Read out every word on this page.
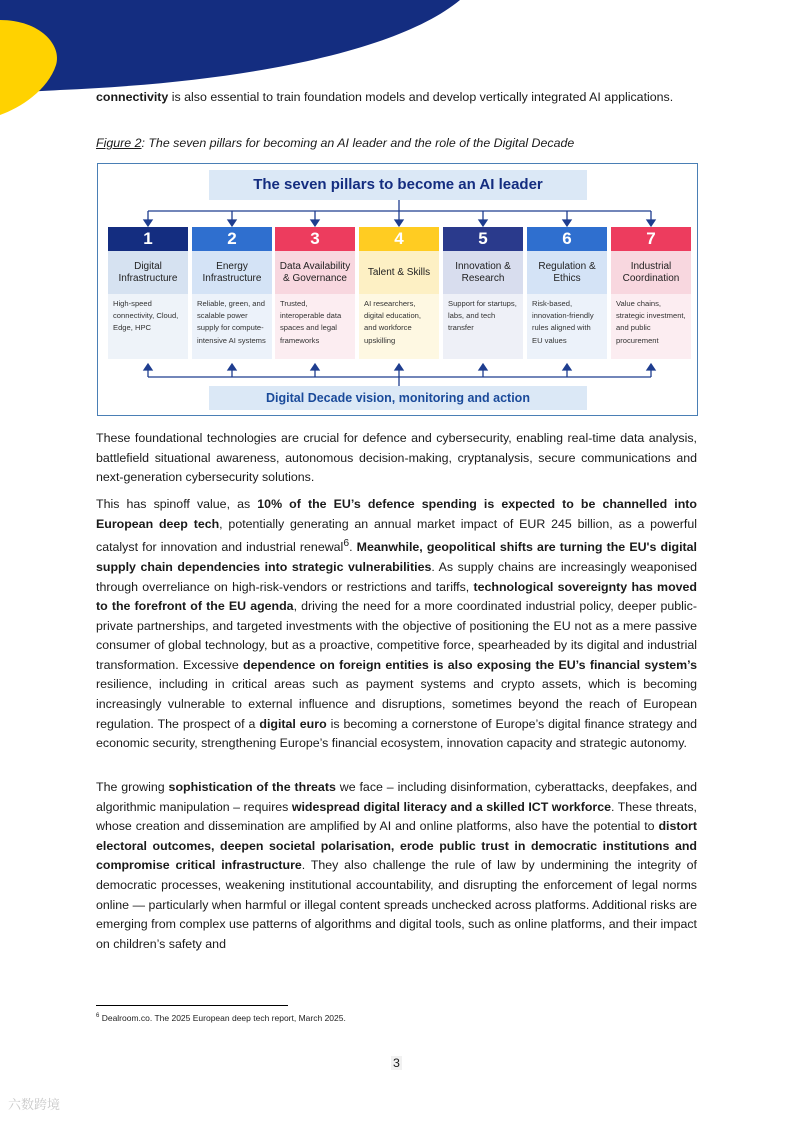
connectivity is also essential to train foundation models and develop vertically integrated AI applications.
Figure 2: The seven pillars for becoming an AI leader and the role of the Digital Decade
The seven pillars to become an AI leader
1
Digital Infrastructure
High-speed connectivity, Cloud, Edge, HPC
2
Energy Infrastructure
Reliable, green, and scalable power supply for compute-intensive AI systems
3
Data Availability & Governance
Trusted, interoperable data spaces and legal frameworks
4
Talent & Skills
AI researchers, digital education, and workforce upskilling
5
Innovation & Research
Support for startups, labs, and tech transfer
6
Regulation & Ethics
Risk-based, innovation-friendly rules aligned with EU values
7
Industrial Coordination
Value chains, strategic investment, and public procurement
Digital Decade vision, monitoring and action
These foundational technologies are crucial for defence and cybersecurity, enabling real-time data analysis, battlefield situational awareness, autonomous decision-making, cryptanalysis, secure communications and next-generation cybersecurity solutions.
This has spinoff value, as 10% of the EU’s defence spending is expected to be channelled into European deep tech, potentially generating an annual market impact of EUR 245 billion, as a powerful catalyst for innovation and industrial renewal$^6$. Meanwhile, geopolitical shifts are turning the EU's digital supply chain dependencies into strategic vulnerabilities. As supply chains are increasingly weaponised through overreliance on high-risk-vendors or restrictions and tariffs, technological sovereignty has moved to the forefront of the EU agenda, driving the need for a more coordinated industrial policy, deeper public-private partnerships, and targeted investments with the objective of positioning the EU not as a mere passive consumer of global technology, but as a proactive, competitive force, spearheaded by its digital and industrial transformation. Excessive dependence on foreign entities is also exposing the EU’s financial system’s resilience, including in critical areas such as payment systems and crypto assets, which is becoming increasingly vulnerable to external influence and disruptions, sometimes beyond the reach of European regulation. The prospect of a digital euro is becoming a cornerstone of Europe’s digital finance strategy and economic security, strengthening Europe’s financial ecosystem, innovation capacity and strategic autonomy.
The growing sophistication of the threats we face – including disinformation, cyberattacks, deepfakes, and algorithmic manipulation – requires widespread digital literacy and a skilled ICT workforce. These threats, whose creation and dissemination are amplified by AI and online platforms, also have the potential to distort electoral outcomes, deepen societal polarisation, erode public trust in democratic institutions and compromise critical infrastructure. They also challenge the rule of law by undermining the integrity of democratic processes, weakening institutional accountability, and disrupting the enforcement of legal norms online — particularly when harmful or illegal content spreads unchecked across platforms. Additional risks are emerging from complex use patterns of algorithms and digital tools, such as online platforms, and their impact on children’s safety and
$^6$ Dealroom.co. The 2025 European deep tech report, March 2025.
3
六数跨境
